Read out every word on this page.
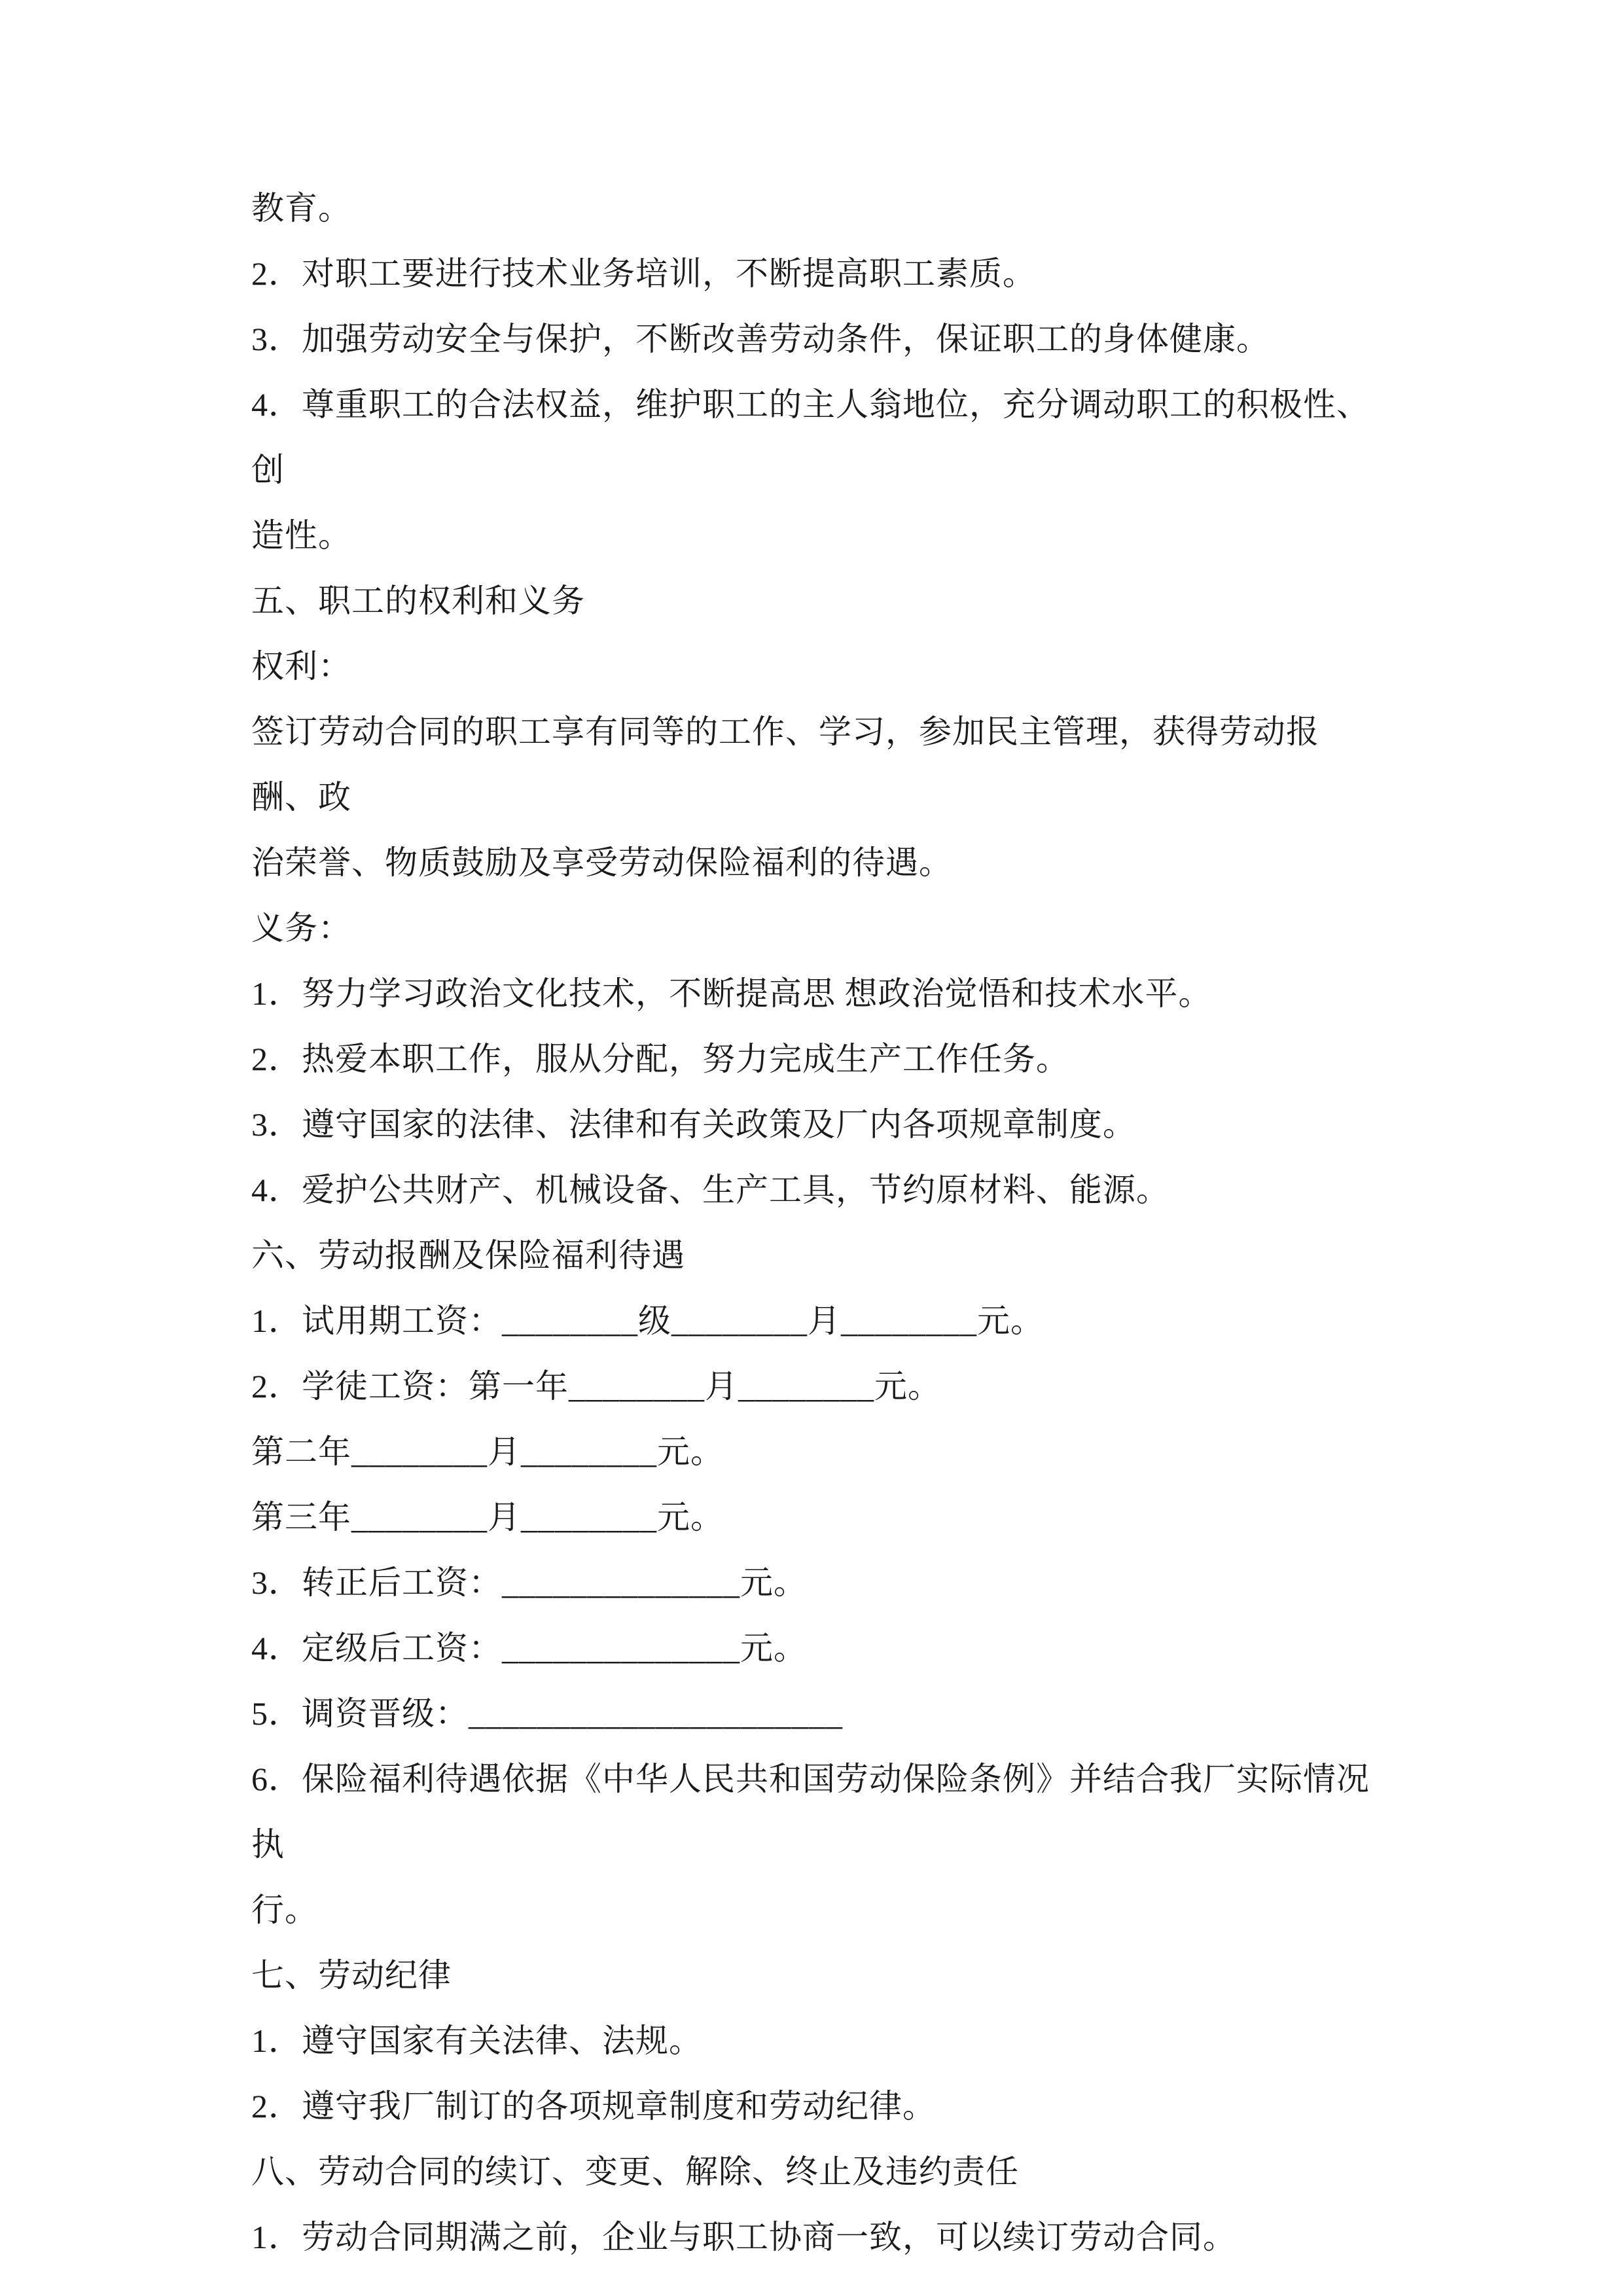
教育。

2．对职工要进行技术业务培训，不断提高职工素质。

3．加强劳动安全与保护，不断改善劳动条件，保证职工的身体健康。

4．尊重职工的合法权益，维护职工的主人翁地位，充分调动职工的积极性、创

造性。

五、职工的权利和义务

权利：

签订劳动合同的职工享有同等的工作、学习，参加民主管理，获得劳动报酬、政

治荣誉、物质鼓励及享受劳动保险福利的待遇。

义务：

1．努力学习政治文化技术，不断提高思 想政治觉悟和技术水平。

2．热爱本职工作，服从分配，努力完成生产工作任务。

3．遵守国家的法律、法律和有关政策及厂内各项规章制度。

4．爱护公共财产、机械设备、生产工具，节约原材料、能源。

六、劳动报酬及保险福利待遇

1．试用期工资：________级________月________元。

2．学徒工资：第一年________月________元。

第二年________月________元。

第三年________月________元。

3．转正后工资：______________元。

4．定级后工资：______________元。

5．调资晋级：______________________

6．保险福利待遇依据《中华人民共和国劳动保险条例》并结合我厂实际情况执

行。

七、劳动纪律

1．遵守国家有关法律、法规。

2．遵守我厂制订的各项规章制度和劳动纪律。

八、劳动合同的续订、变更、解除、终止及违约责任

1．劳动合同期满之前，企业与职工协商一致，可以续订劳动合同。
